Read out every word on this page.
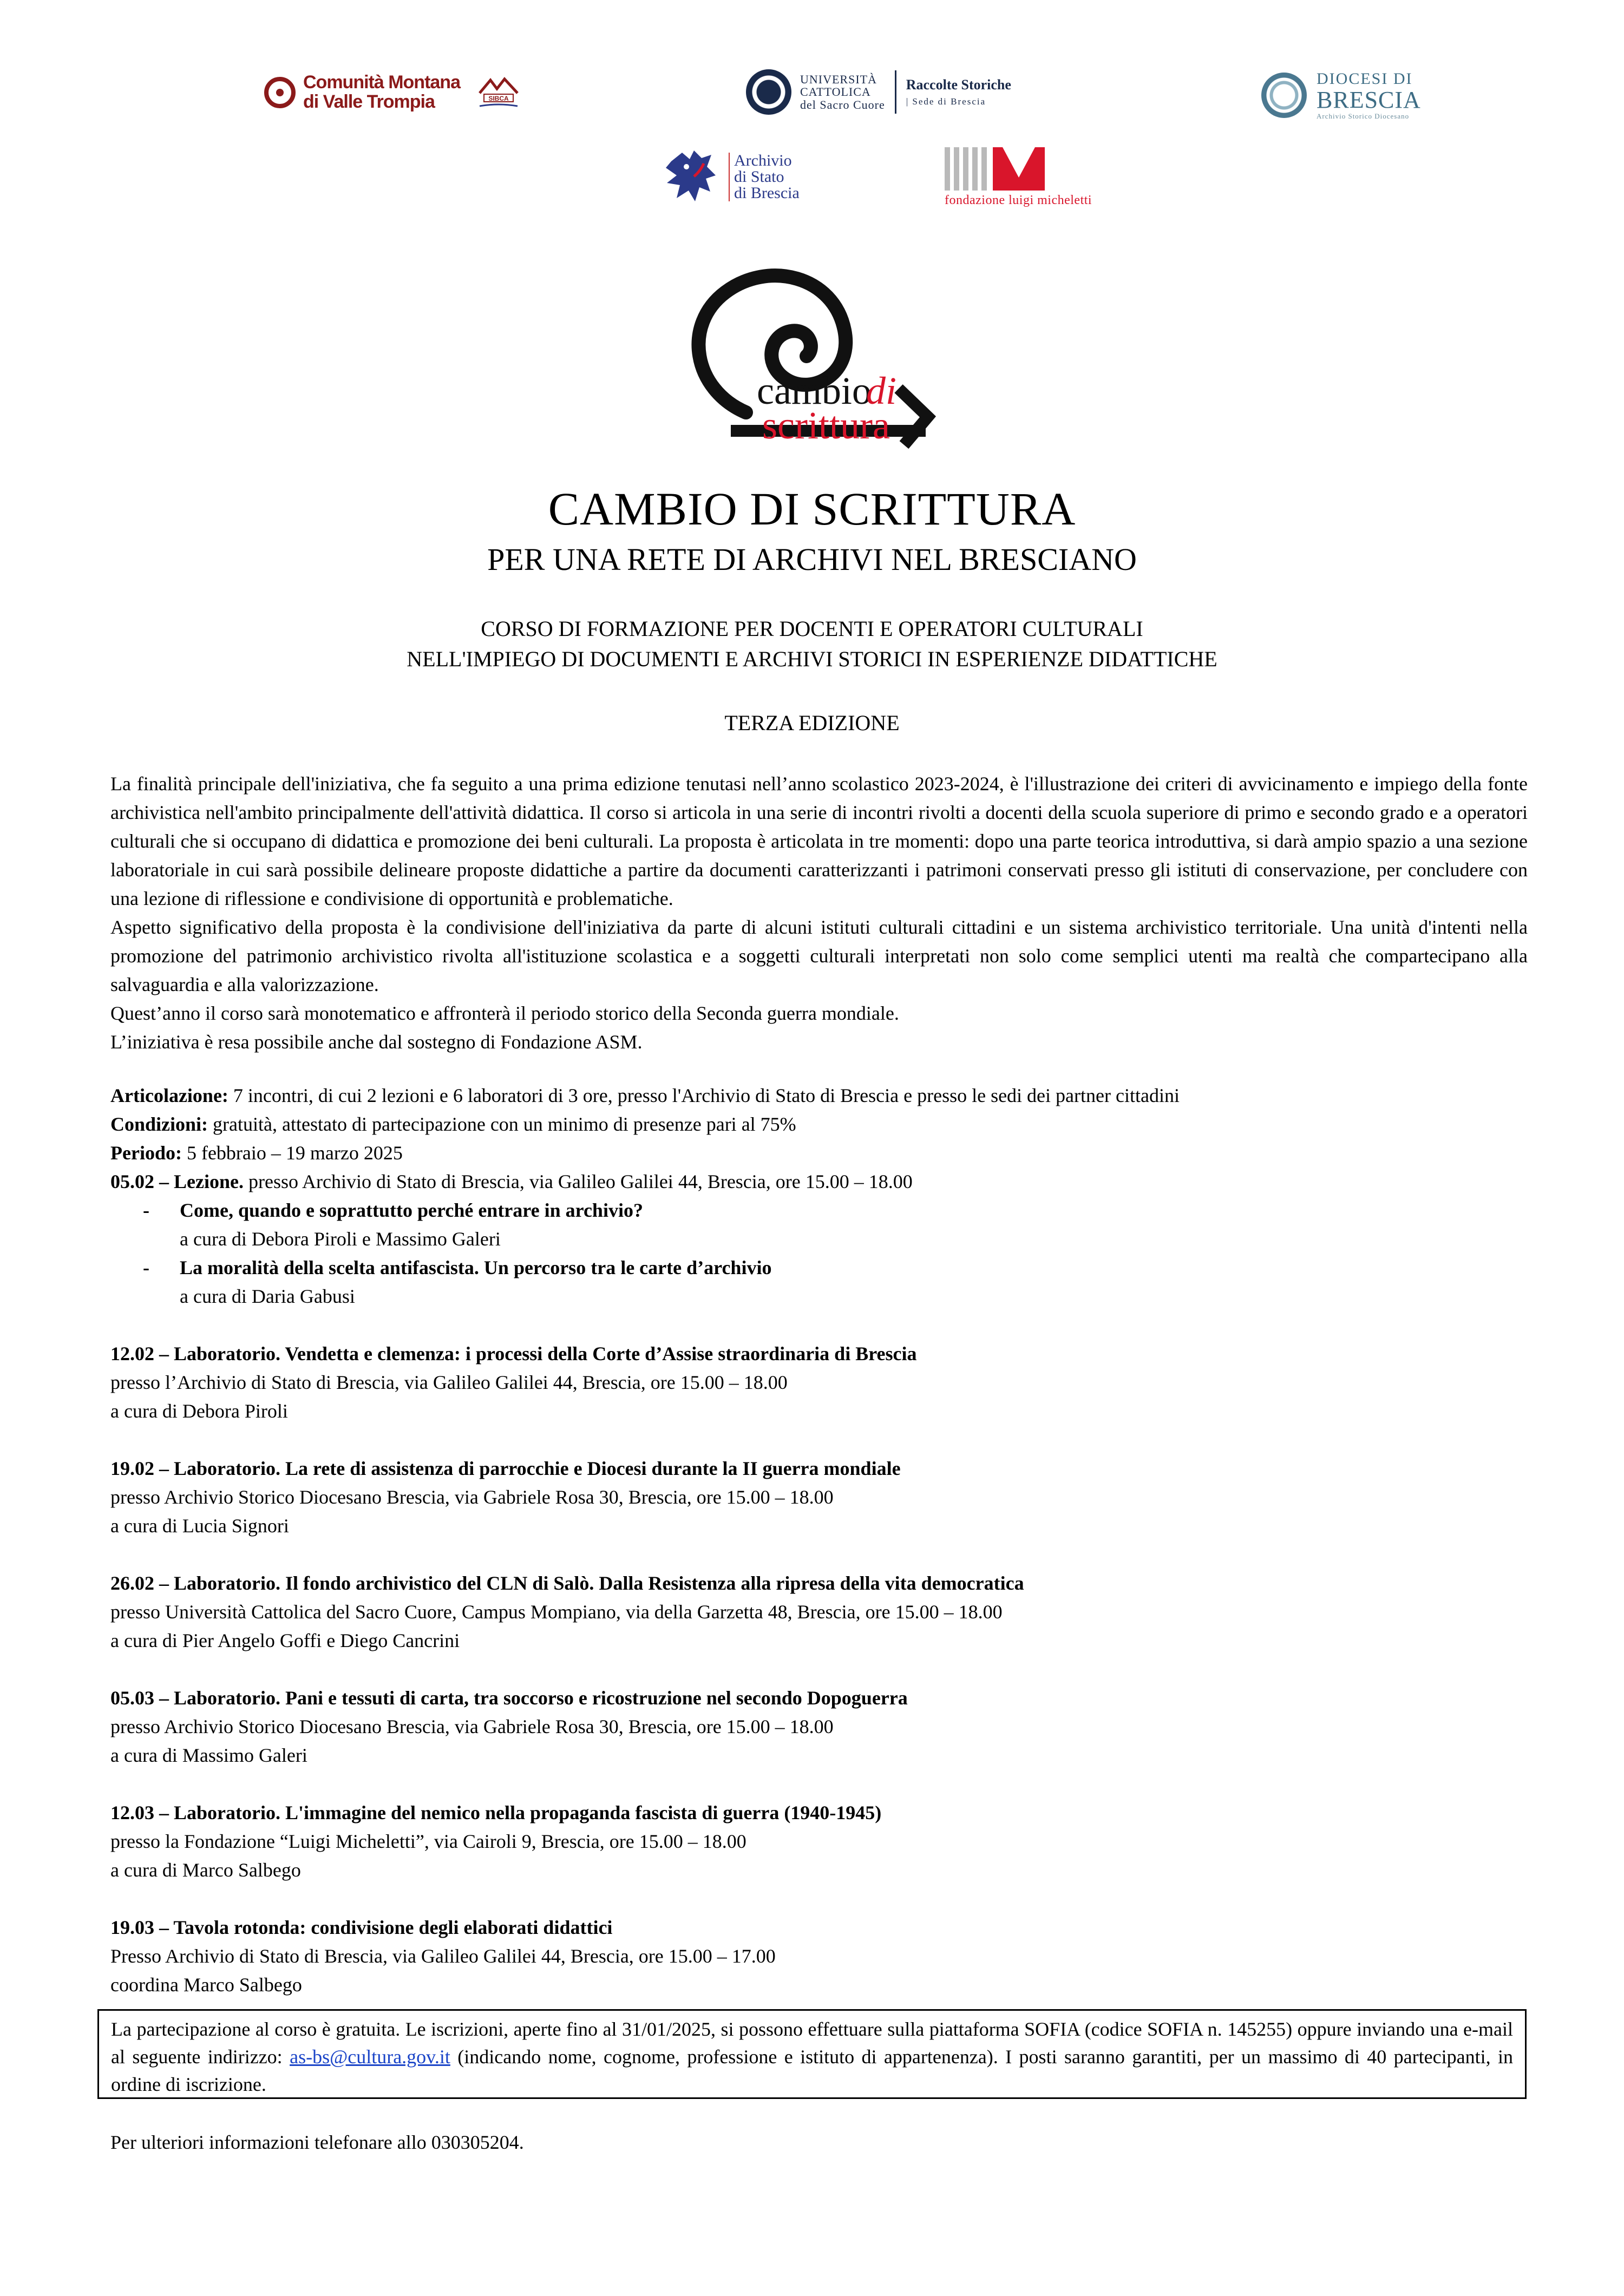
Comunità Montana
di Valle Trompia	SIBCA
UNIVERSITÀ
CATTOLICA
del Sacro Cuore
Raccolte Storiche
| Sede di Brescia
DIOCESI DI
BRESCIA
Archivio Storico Diocesano
Archivio
di Stato
di Brescia	fondazione luigi micheletti
cambio
di
scrittura
CAMBIO DI SCRITTURA
PER UNA RETE DI ARCHIVI NEL BRESCIANO
CORSO DI FORMAZIONE PER DOCENTI E OPERATORI CULTURALI
NELL'IMPIEGO DI DOCUMENTI E ARCHIVI STORICI IN ESPERIENZE DIDATTICHE
TERZA EDIZIONE

La finalità principale dell'iniziativa, che fa seguito a una prima edizione tenutasi nell’anno scolastico 2023-2024, è l'illustrazione dei criteri di avvicinamento e impiego della fonte archivistica nell'ambito principalmente dell'attività didattica. Il corso si articola in una serie di incontri rivolti a docenti della scuola superiore di primo e secondo grado e a operatori culturali che si occupano di didattica e promozione dei beni culturali. La proposta è articolata in tre momenti: dopo una parte teorica introduttiva, si darà ampio spazio a una sezione laboratoriale in cui sarà possibile delineare proposte didattiche a partire da documenti caratterizzanti i patrimoni conservati presso gli istituti di conservazione, per concludere con una lezione di riflessione e condivisione di opportunità e problematiche.

Aspetto significativo della proposta è la condivisione dell'iniziativa da parte di alcuni istituti culturali cittadini e un sistema archivistico territoriale. Una unità d'intenti nella promozione del patrimonio archivistico rivolta all'istituzione scolastica e a soggetti culturali interpretati non solo come semplici utenti ma realtà che compartecipano alla salvaguardia e alla valorizzazione.

Quest’anno il corso sarà monotematico e affronterà il periodo storico della Seconda guerra mondiale.

L’iniziativa è resa possibile anche dal sostegno di Fondazione ASM.

Articolazione: 7 incontri, di cui 2 lezioni e 6 laboratori di 3 ore, presso l'Archivio di Stato di Brescia e presso le sedi dei partner cittadini

Condizioni: gratuità, attestato di partecipazione con un minimo di presenze pari al 75%

Periodo: 5 febbraio – 19 marzo 2025

05.02 – Lezione. presso Archivio di Stato di Brescia, via Galileo Galilei 44, Brescia, ore 15.00 – 18.00

- Come, quando e soprattutto perché entrare in archivio?

a cura di Debora Piroli e Massimo Galeri

- La moralità della scelta antifascista. Un percorso tra le carte d’archivio

a cura di Daria Gabusi

12.02 – Laboratorio. Vendetta e clemenza: i processi della Corte d’Assise straordinaria di Brescia

presso l’Archivio di Stato di Brescia, via Galileo Galilei 44, Brescia, ore 15.00 – 18.00

a cura di Debora Piroli

19.02 – Laboratorio. La rete di assistenza di parrocchie e Diocesi durante la II guerra mondiale

presso Archivio Storico Diocesano Brescia, via Gabriele Rosa 30, Brescia, ore 15.00 – 18.00

a cura di Lucia Signori

26.02 – Laboratorio. Il fondo archivistico del CLN di Salò. Dalla Resistenza alla ripresa della vita democratica

presso Università Cattolica del Sacro Cuore, Campus Mompiano, via della Garzetta 48, Brescia, ore 15.00 – 18.00

a cura di Pier Angelo Goffi e Diego Cancrini

05.03 – Laboratorio. Pani e tessuti di carta, tra soccorso e ricostruzione nel secondo Dopoguerra

presso Archivio Storico Diocesano Brescia, via Gabriele Rosa 30, Brescia, ore 15.00 – 18.00

a cura di Massimo Galeri

12.03 – Laboratorio. L'immagine del nemico nella propaganda fascista di guerra (1940-1945)

presso la Fondazione “Luigi Micheletti”, via Cairoli 9, Brescia, ore 15.00 – 18.00

a cura di Marco Salbego

19.03 – Tavola rotonda: condivisione degli elaborati didattici

Presso Archivio di Stato di Brescia, via Galileo Galilei 44, Brescia, ore 15.00 – 17.00

coordina Marco Salbego

La partecipazione al corso è gratuita. Le iscrizioni, aperte fino al 31/01/2025, si possono effettuare sulla piattaforma SOFIA (codice SOFIA n. 145255) oppure inviando una e-mail al seguente indirizzo: as-bs@cultura.gov.it (indicando nome, cognome, professione e istituto di appartenenza). I posti saranno garantiti, per un massimo di 40 partecipanti, in ordine di iscrizione.
Per ulteriori informazioni telefonare allo 030305204.
